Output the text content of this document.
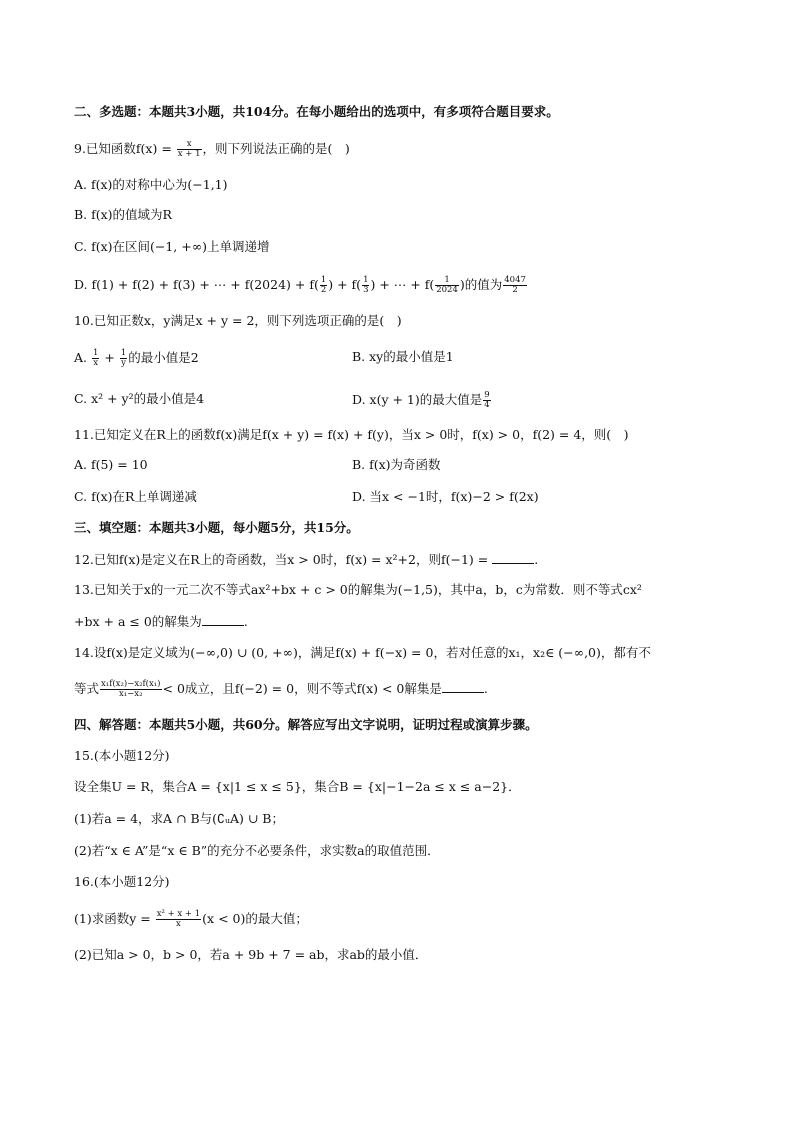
二、多选题：本题共3小题，共104分。在每小题给出的选项中，有多项符合题目要求。
9.已知函数$f(x) = \frac{x}{x + 1}$ ，则下列说法正确的是(　)
A. f(x)的对称中心为(−1,1)
B. f(x)的值域为R
C. f(x)在区间(−1, +∞)上单调递增
D. f(1) + f(2) + f(3) + ⋯ + $f(2024) + f( \frac{1}{2}$ ) + $f( \frac{1}{3}$ ) + ⋯ + $f( \frac{1}{2024}$ )的值为 $\frac{4047}{2}$
10.已知正数x，y满足x + y = 2，则下列选项正确的是(　)
A. $\frac{1}{x} + \frac{1}{y}$ 的最小值是2	B. xy的最小值是1
C. x² + y²的最小值是4	D. x(y + 1)的最大值是 $\frac{9}{4}$
11.已知定义在R上的函数f(x)满足f(x + y) = f(x) + f(y)，当x > 0时，f(x) > 0，f(2) = 4，则(　)
A. f(5) = 10	B. f(x)为奇函数
C. f(x)在R上单调递减	D. 当x < −1时，f(x)−2 > f(2x)
三、填空题：本题共3小题，每小题5分，共15分。
12.已知f(x)是定义在R上的奇函数，当x > 0时，f(x) = x²+2，则f(−1) =	.
13.已知关于x的一元二次不等式ax²+bx + c > 0的解集为(−1,5)，其中a，b，c为常数．则不等式cx²
+bx + a ≤ 0的解集为	.
14.设f(x)是定义域为(−∞,0) ∪ (0, +∞)，满足f(x) + f(−x) = 0，若对任意的x₁，x₂∈ (−∞,0)，都有不
等式 $\frac{\text{x₁f(x₂)−x₂f(x₁)}}{\text{x₁−x₂}} < 0$成立，且f(−2) = 0，则不等式f(x) < 0解集是	.
四、解答题：本题共5小题，共60分。解答应写出文字说明，证明过程或演算步骤。
15.(本小题12分)
设全集U = R，集合A = {x|1 ≤ x ≤ 5}，集合B = {x|−1−2a ≤ x ≤ a−2}．
(1)若a = 4，求A ∩ B与(∁ᵤA) ∪ B；
(2)若“x ∈ A”是“x ∈ B”的充分不必要条件，求实数a的取值范围．
16.(本小题12分)
(1)求函数$y = \frac{\text{x² + x + 1}}{x} (x < 0)$的最大值；
(2)已知a > 0，b > 0，若a + 9b + 7 = ab，求ab的最小值．
